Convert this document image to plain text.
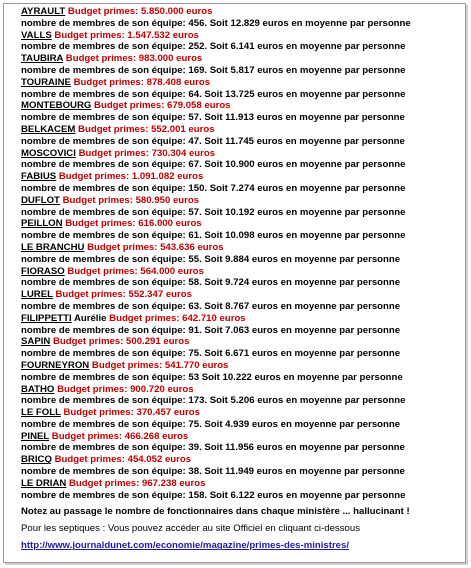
AYRAULT Budget primes: 5.850.000 euros
nombre de membres de son équipe: 456. Soit 12.829 euros en moyenne par personne
VALLS Budget primes: 1.547.532 euros
nombre de membres de son équipe: 252. Soit 6.141 euros en moyenne par personne
TAUBIRA Budget primes: 983.000 euros
nombre de membres de son équipe: 169. Soit 5.817 euros en moyenne par personne
TOURAINE Budget primes: 878.408 euros
nombre de membres de son équipe: 64. Soit 13.725 euros en moyenne par personne
MONTEBOURG Budget primes: 679.058 euros
nombre de membres de son équipe: 57. Soit 11.913 euros en moyenne par personne
BELKACEM Budget primes: 552.001 euros
nombre de membres de son équipe: 47. Soit 11.745 euros en moyenne par personne
MOSCOVICI Budget primes: 730.304 euros
nombre de membres de son équipe: 67. Soit 10.900 euros en moyenne par personne
FABIUS Budget primes: 1.091.082 euros
nombre de membres de son équipe: 150. Soit 7.274 euros en moyenne par personne
DUFLOT Budget primes: 580.950 euros
nombre de membres de son équipe: 57. Soit 10.192 euros en moyenne par personne
PEILLON Budget primes: 616.000 euros
nombre de membres de son équipe: 61. Soit 10.098 euros en moyenne par personne
LE BRANCHU Budget primes: 543.636 euros
nombre de membres de son équipe: 55. Soit 9.884 euros en moyenne par personne
FIORASO Budget primes: 564.000 euros
nombre de membres de son équipe: 58. Soit 9.724 euros en moyenne par personne
LUREL Budget primes: 552.347 euros
nombre de membres de son équipe: 63. Soit 8.767 euros en moyenne par personne
FILIPPETTI Aurélie Budget primes: 642.710 euros
nombre de membres de son équipe: 91. Soit 7.063 euros en moyenne par personne
SAPIN Budget primes: 500.291 euros
nombre de membres de son équipe: 75. Soit 6.671 euros en moyenne par personne
FOURNEYRON Budget primes: 541.770 euros
nombre de membres de son équipe: 53 Soit 10.222 euros en moyenne par personne
BATHO Budget primes: 900.720 euros
nombre de membres de son équipe: 173. Soit 5.206 euros en moyenne par personne
LE FOLL Budget primes: 370.457 euros
nombre de membres de son équipe: 75. Soit 4.939 euros en moyenne par personne
PINEL Budget primes: 466.268 euros
nombre de membres de son équipe: 39. Soit 11.956 euros en moyenne par personne
BRICQ Budget primes: 454.052 euros
nombre de membres de son équipe: 38. Soit 11.949 euros en moyenne par personne
LE DRIAN Budget primes: 967.238 euros
nombre de membres de son équipe: 158. Soit 6.122 euros en moyenne par personne
Notez au passage le nombre de fonctionnaires dans chaque ministère ... hallucinant !
Pour les septiques : Vous pouvez accéder au site Officiel en cliquant ci-dessous
http://www.journaldunet.com/economie/magazine/primes-des-ministres/
